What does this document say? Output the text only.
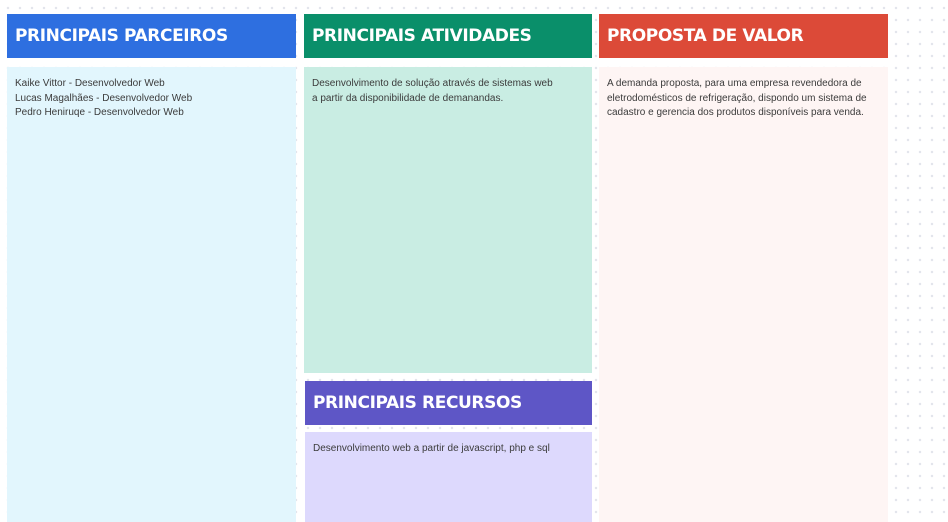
PRINCIPAIS PARCEIROS
Kaike Vittor - Desenvolvedor Web
Lucas Magalhães - Desenvolvedor Web
Pedro Heniruqe - Desenvolvedor Web
PRINCIPAIS ATIVIDADES
Desenvolvimento de solução através de sistemas web
a partir da disponibilidade de demanandas.
PRINCIPAIS RECURSOS
Desenvolvimento web a partir de javascript, php e sql
PROPOSTA DE VALOR
A demanda proposta, para uma empresa revendedora de eletrodomésticos de refrigeração, dispondo um sistema de cadastro e gerencia dos produtos disponíveis para venda.
